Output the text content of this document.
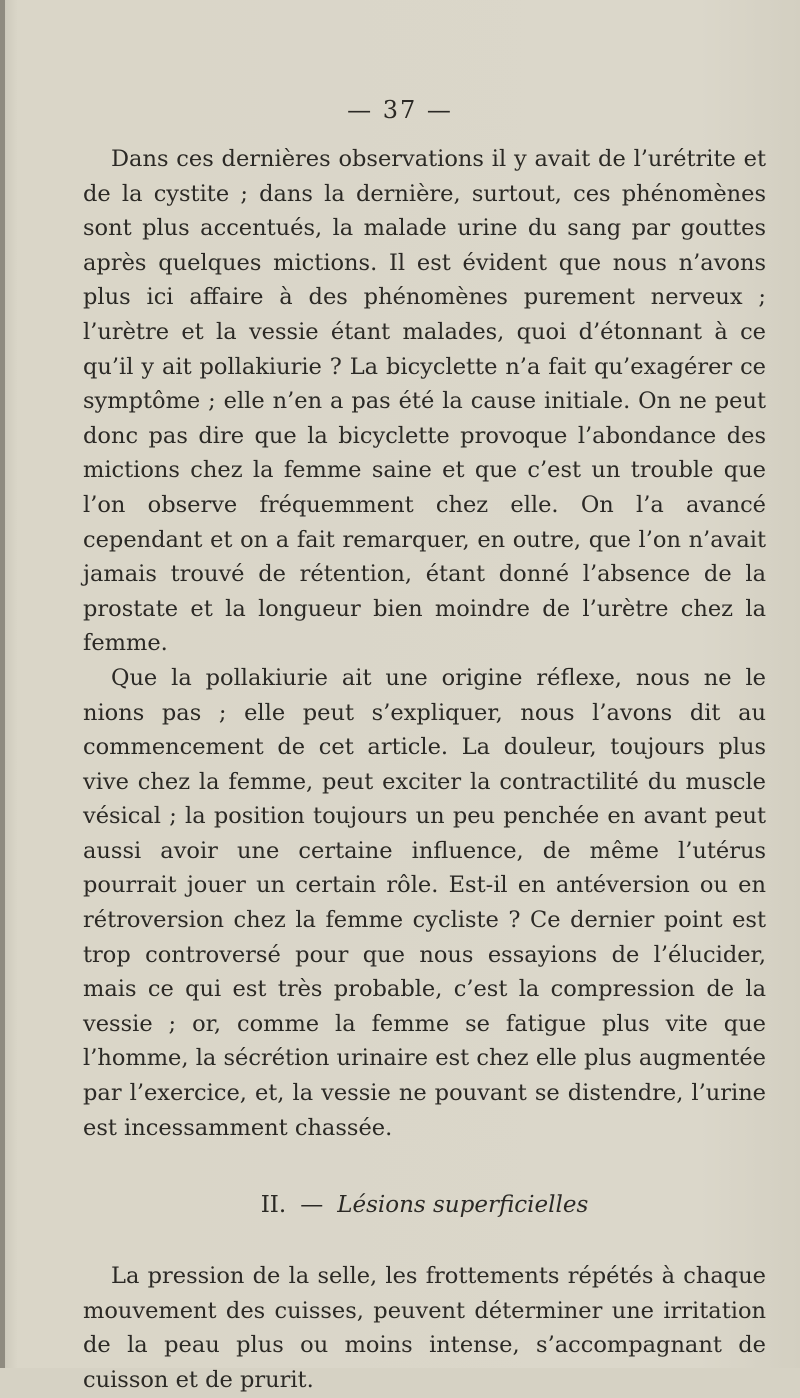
— 37 —

Dans ces dernières observations il y avait de l’urétrite et de la cystite ; dans la dernière, surtout, ces phénomènes sont plus accentués, la malade urine du sang par gouttes après quelques mictions. Il est évident que nous n’avons plus ici affaire à des phénomènes purement nerveux ; l’urètre et la vessie étant malades, quoi d’étonnant à ce qu’il y ait pollakiurie ? La bicyclette n’a fait qu’exagérer ce symptôme ; elle n’en a pas été la cause initiale. On ne peut donc pas dire que la bicyclette provoque l’abondance des mictions chez la femme saine et que c’est un trouble que l’on observe fréquemment chez elle. On l’a avancé cependant et on a fait remarquer, en outre, que l’on n’avait jamais trouvé de rétention, étant donné l’absence de la prostate et la longueur bien moindre de l’urètre chez la femme.

Que la pollakiurie ait une origine réflexe, nous ne le nions pas ; elle peut s’expliquer, nous l’avons dit au commencement de cet article. La douleur, toujours plus vive chez la femme, peut exciter la contractilité du muscle vésical ; la position toujours un peu penchée en avant peut aussi avoir une certaine influence, de même l’utérus pourrait jouer un certain rôle. Est-il en antéversion ou en rétroversion chez la femme cycliste ? Ce dernier point est trop controversé pour que nous essayions de l’élucider, mais ce qui est très probable, c’est la compression de la vessie ; or, comme la femme se fatigue plus vite que l’homme, la sécrétion urinaire est chez elle plus augmentée par l’exercice, et, la vessie ne pouvant se distendre, l’urine est incessamment chassée.

II. — Lésions superficielles

La pression de la selle, les frottements répétés à chaque mouvement des cuisses, peuvent déterminer une irritation de la peau plus ou moins intense, s’accompagnant de cuisson et de prurit.
